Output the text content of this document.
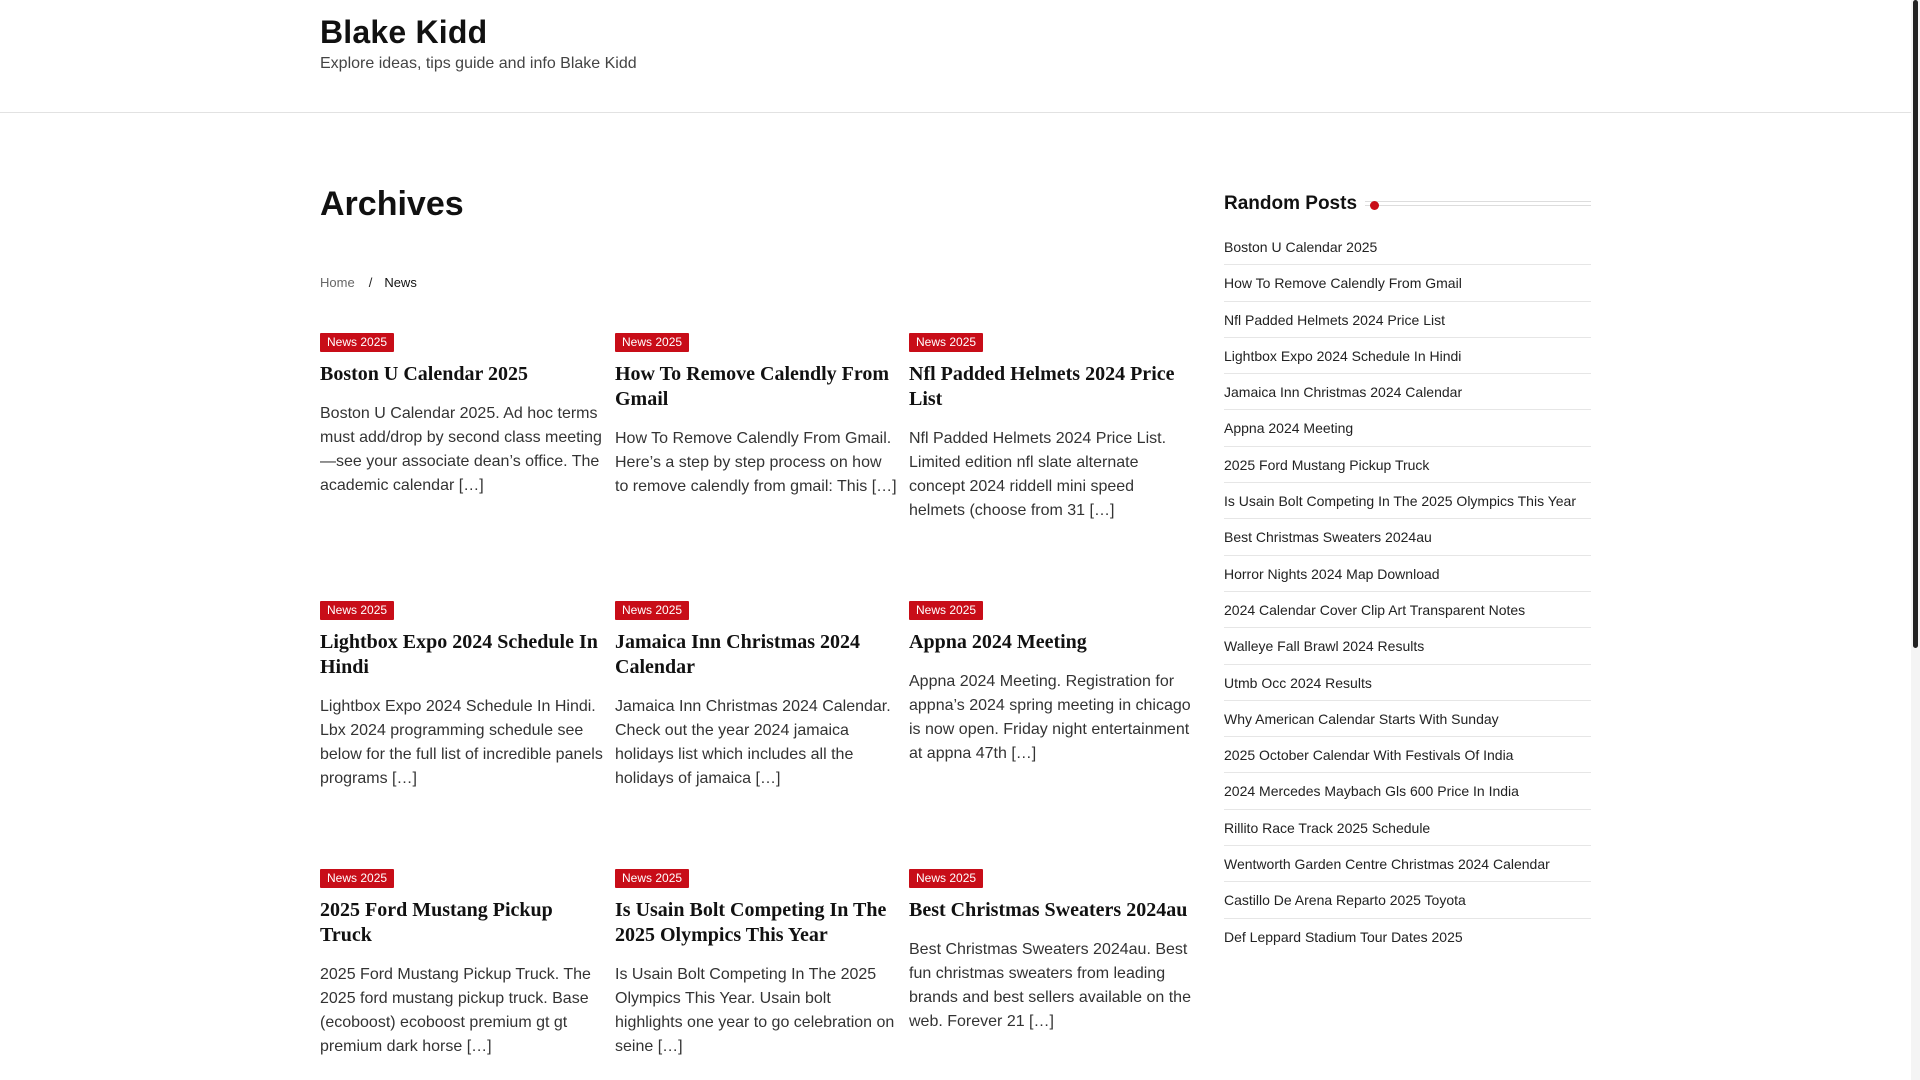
Blake Kidd
Explore ideas, tips guide and info Blake Kidd
Archives
Home / News
News 2025
Boston U Calendar 2025

Boston U Calendar 2025. Ad hoc terms must add/drop by second class meeting—see your associate dean’s office. The academic calendar […]

News 2025
How To Remove Calendly From Gmail

How To Remove Calendly From Gmail. Here’s a step by step process on how to remove calendly from gmail: This […]

News 2025
Nfl Padded Helmets 2024 Price List

Nfl Padded Helmets 2024 Price List. Limited edition nfl slate alternate concept 2024 riddell mini speed helmets (choose from 31 […]

News 2025
Lightbox Expo 2024 Schedule In Hindi

Lightbox Expo 2024 Schedule In Hindi. Lbx 2024 programming schedule see below for the full list of incredible panels programs […]

News 2025
Jamaica Inn Christmas 2024 Calendar

Jamaica Inn Christmas 2024 Calendar. Check out the year 2024 jamaica holidays list which includes all the holidays of jamaica […]

News 2025
Appna 2024 Meeting

Appna 2024 Meeting. Registration for appna’s 2024 spring meeting in chicago is now open. Friday night entertainment at appna 47th […]

News 2025
2025 Ford Mustang Pickup Truck

2025 Ford Mustang Pickup Truck. The 2025 ford mustang pickup truck. Base (ecoboost) ecoboost premium gt gt premium dark horse […]

News 2025
Is Usain Bolt Competing In The 2025 Olympics This Year

Is Usain Bolt Competing In The 2025 Olympics This Year. Usain bolt highlights one year to go celebration on seine […]

News 2025
Best Christmas Sweaters 2024au

Best Christmas Sweaters 2024au. Best fun christmas sweaters from leading brands and best sellers available on the web. Forever 21 […]

Random Posts
Boston U Calendar 2025
How To Remove Calendly From Gmail
Nfl Padded Helmets 2024 Price List
Lightbox Expo 2024 Schedule In Hindi
Jamaica Inn Christmas 2024 Calendar
Appna 2024 Meeting
2025 Ford Mustang Pickup Truck
Is Usain Bolt Competing In The 2025 Olympics This Year
Best Christmas Sweaters 2024au
Horror Nights 2024 Map Download
2024 Calendar Cover Clip Art Transparent Notes
Walleye Fall Brawl 2024 Results
Utmb Occ 2024 Results
Why American Calendar Starts With Sunday
2025 October Calendar With Festivals Of India
2024 Mercedes Maybach Gls 600 Price In India
Rillito Race Track 2025 Schedule
Wentworth Garden Centre Christmas 2024 Calendar
Castillo De Arena Reparto 2025 Toyota
Def Leppard Stadium Tour Dates 2025
